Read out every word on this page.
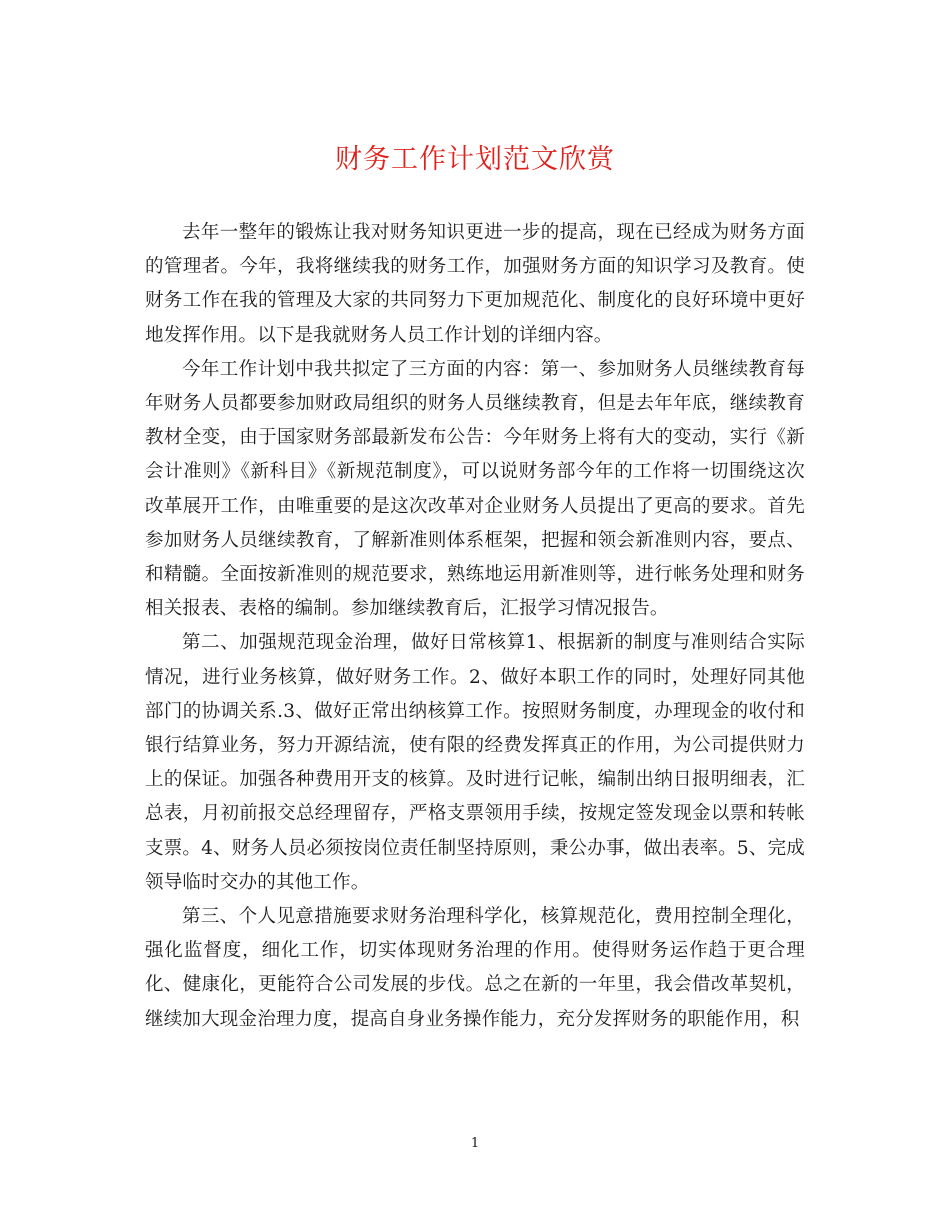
财务工作计划范文欣赏

去年一整年的锻炼让我对财务知识更进一步的提高，现在已经成为财务方面的管理者。今年，我将继续我的财务工作，加强财务方面的知识学习及教育。使财务工作在我的管理及大家的共同努力下更加规范化、制度化的良好环境中更好地发挥作用。以下是我就财务人员工作计划的详细内容。

今年工作计划中我共拟定了三方面的内容：第一、参加财务人员继续教育每年财务人员都要参加财政局组织的财务人员继续教育，但是去年年底，继续教育教材全变，由于国家财务部最新发布公告：今年财务上将有大的变动，实行《新会计准则》《新科目》《新规范制度》，可以说财务部今年的工作将一切围绕这次改革展开工作，由唯重要的是这次改革对企业财务人员提出了更高的要求。首先参加财务人员继续教育，了解新准则体系框架，把握和领会新准则内容，要点、和精髓。全面按新准则的规范要求，熟练地运用新准则等，进行帐务处理和财务相关报表、表格的编制。参加继续教育后，汇报学习情况报告。

第二、加强规范现金治理，做好日常核算1、根据新的制度与准则结合实际情况，进行业务核算，做好财务工作。2、做好本职工作的同时，处理好同其他部门的协调关系.3、做好正常出纳核算工作。按照财务制度，办理现金的收付和银行结算业务，努力开源结流，使有限的经费发挥真正的作用，为公司提供财力上的保证。加强各种费用开支的核算。及时进行记帐，编制出纳日报明细表，汇总表，月初前报交总经理留存，严格支票领用手续，按规定签发现金以票和转帐支票。4、财务人员必须按岗位责任制坚持原则，秉公办事，做出表率。5、完成领导临时交办的其他工作。

第三、个人见意措施要求财务治理科学化，核算规范化，费用控制全理化，强化监督度，细化工作，切实体现财务治理的作用。使得财务运作趋于更合理化、健康化，更能符合公司发展的步伐。总之在新的一年里，我会借改革契机，继续加大现金治理力度，提高自身业务操作能力，充分发挥财务的职能作用，积

1
